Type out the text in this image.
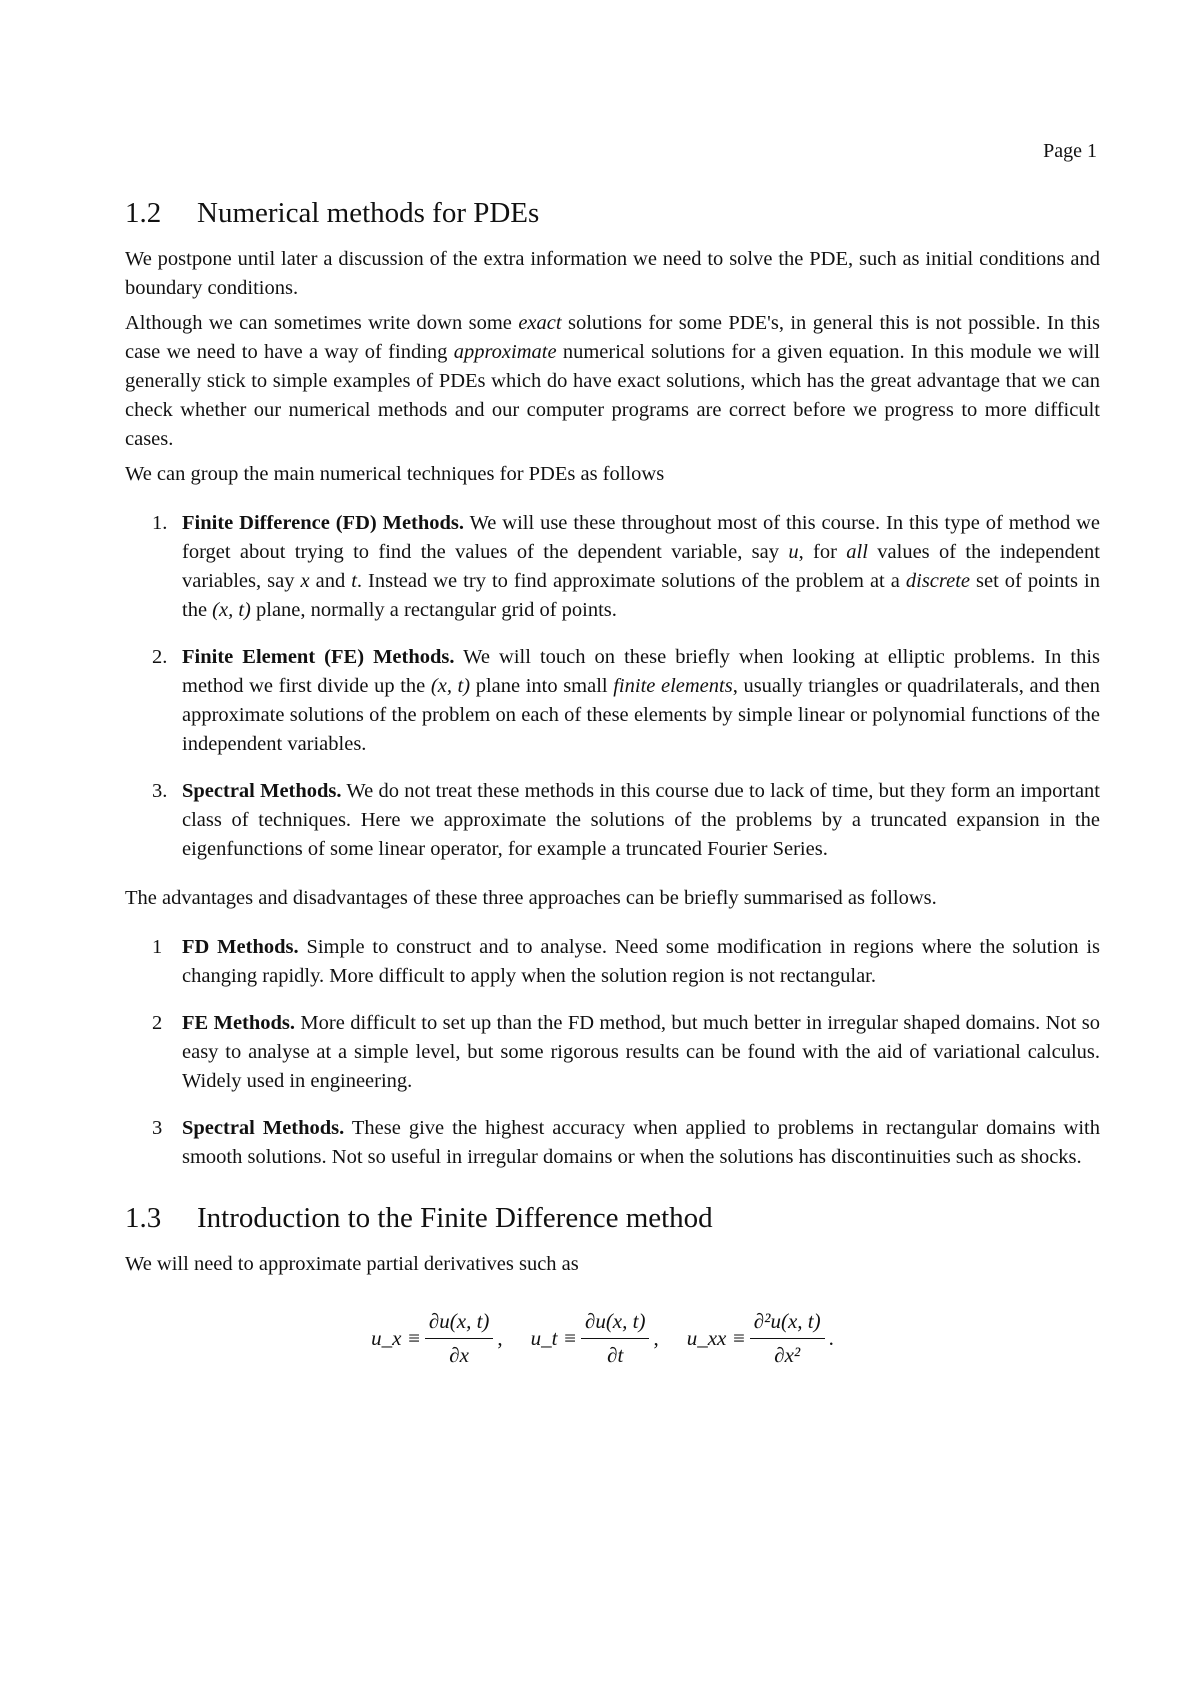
Page 1
1.2 Numerical methods for PDEs

We postpone until later a discussion of the extra information we need to solve the PDE, such as initial conditions and boundary conditions.

Although we can sometimes write down some exact solutions for some PDE's, in general this is not possible. In this case we need to have a way of finding approximate numerical solutions for a given equation. In this module we will generally stick to simple examples of PDEs which do have exact solutions, which has the great advantage that we can check whether our numerical methods and our computer programs are correct before we progress to more difficult cases.

We can group the main numerical techniques for PDEs as follows

1. Finite Difference (FD) Methods. We will use these throughout most of this course. In this type of method we forget about trying to find the values of the dependent variable, say u, for all values of the independent variables, say x and t. Instead we try to find approximate solutions of the problem at a discrete set of points in the (x, t) plane, normally a rectangular grid of points.
2. Finite Element (FE) Methods. We will touch on these briefly when looking at elliptic problems. In this method we first divide up the (x, t) plane into small finite elements, usually triangles or quadrilaterals, and then approximate solutions of the problem on each of these elements by simple linear or polynomial functions of the independent variables.
3. Spectral Methods. We do not treat these methods in this course due to lack of time, but they form an important class of techniques. Here we approximate the solutions of the problems by a truncated expansion in the eigenfunctions of some linear operator, for example a truncated Fourier Series.

The advantages and disadvantages of these three approaches can be briefly summarised as follows.

1 FD Methods. Simple to construct and to analyse. Need some modification in regions where the solution is changing rapidly. More difficult to apply when the solution region is not rectangular.
2 FE Methods. More difficult to set up than the FD method, but much better in irregular shaped domains. Not so easy to analyse at a simple level, but some rigorous results can be found with the aid of variational calculus. Widely used in engineering.
3 Spectral Methods. These give the highest accuracy when applied to problems in rectangular domains with smooth solutions. Not so useful in irregular domains or when the solutions has discontinuities such as shocks.
1.3 Introduction to the Finite Difference method

We will need to approximate partial derivatives such as

u_x ≡ $\frac{\partial u(x, t)}{\partial x}$ , u_t ≡ $\frac{\partial u(x, t)}{\partial t}$ , u_xx ≡ $\frac{\text{∂²u(x, t)}}{\text{∂x²}}$ .
